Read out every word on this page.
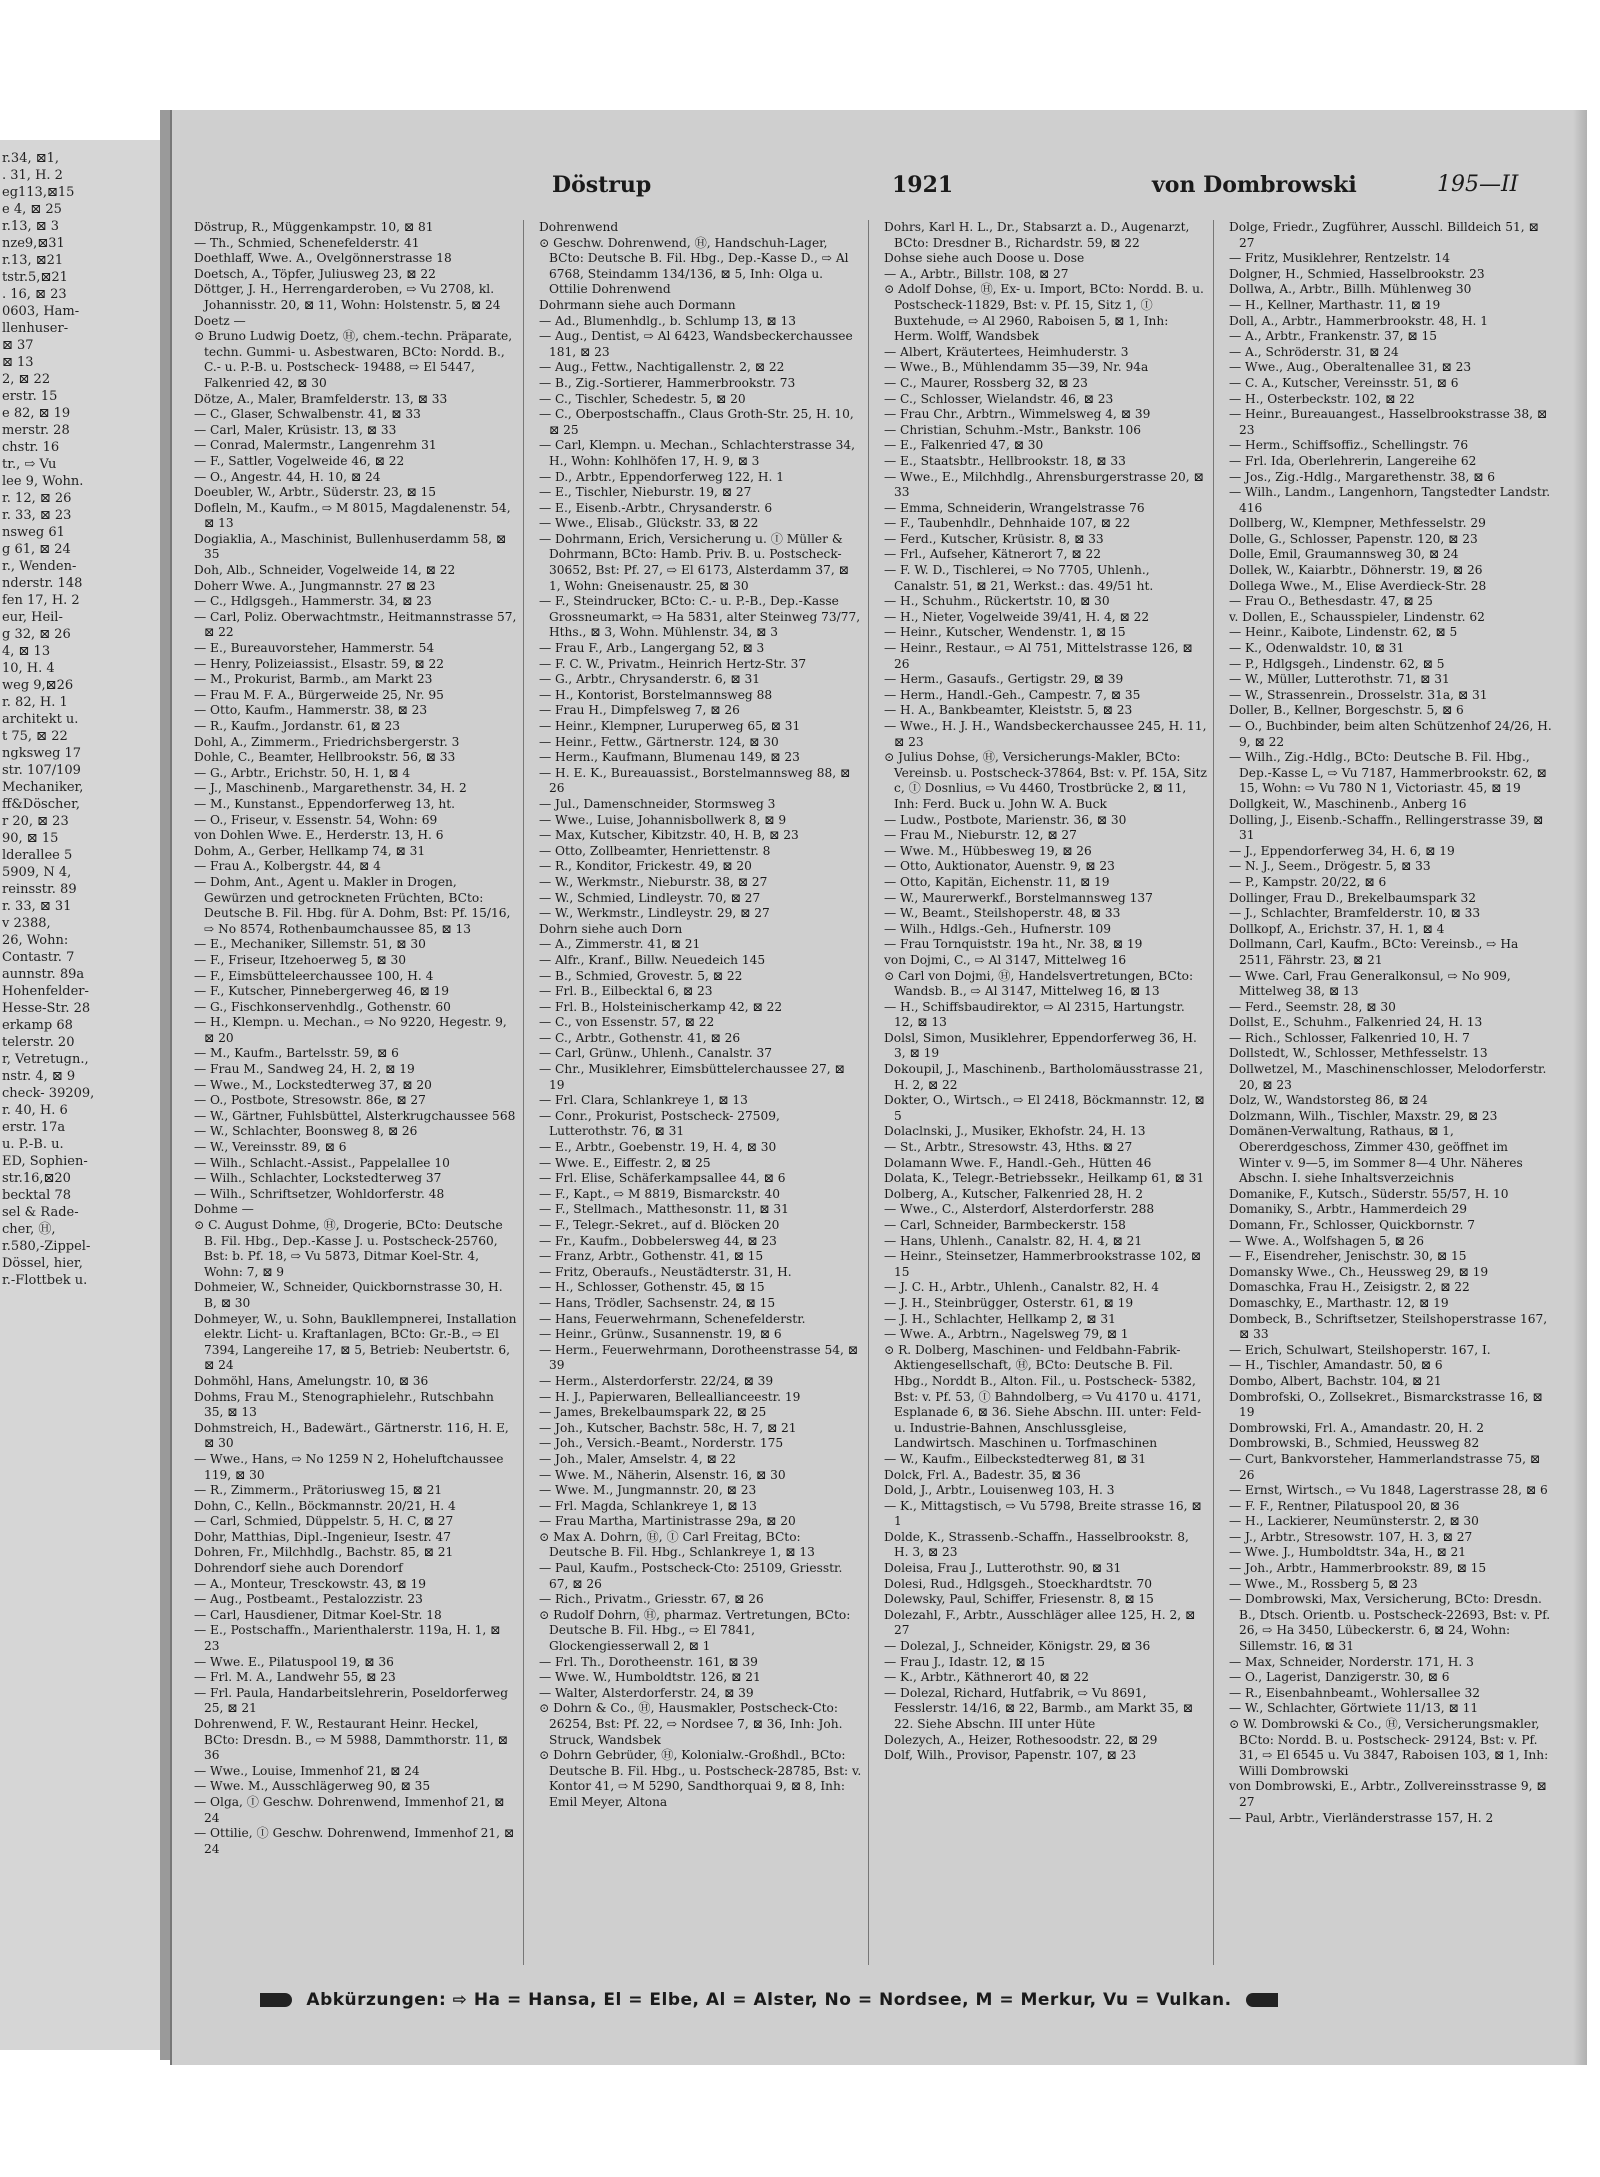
r.34, ⊠1,
. 31, H. 2
eg113,⊠15
e 4, ⊠ 25
r.13, ⊠ 3
nze9,⊠31
r.13, ⊠21
tstr.5,⊠21
. 16, ⊠ 23
0603, Ham-
llenhuser-
⊠ 37
⊠ 13
2, ⊠ 22
erstr. 15
e 82, ⊠ 19
merstr. 28
chstr. 16
tr., ⇨ Vu
lee 9, Wohn.
r. 12, ⊠ 26
r. 33, ⊠ 23
nsweg 61
g 61, ⊠ 24
r., Wenden-
nderstr. 148
fen 17, H. 2
eur, Heil-
g 32, ⊠ 26
4, ⊠ 13
10, H. 4
weg 9,⊠26
r. 82, H. 1
architekt u.
t 75, ⊠ 22
ngksweg 17
str. 107/109
Mechaniker,
ff&Döscher,
r 20, ⊠ 23
90, ⊠ 15
lderallee 5
5909, N 4,
reinsstr. 89
r. 33, ⊠ 31
v 2388,
26, Wohn:
Contastr. 7
aunnstr. 89a
Hohenfelder-
Hesse-Str. 28
erkamp 68
telerstr. 20
r, Vetretugn.,
nstr. 4, ⊠ 9
check- 39209,
r. 40, H. 6
erstr. 17a
u. P.-B. u.
ED, Sophien-
str.16,⊠20
becktal 78
sel & Rade-
cher, Ⓗ,
r.580,-Zippel-
Dössel, hier,
r.-Flottbek u.
Döstrup	1921	von Dombrowski	195—II

Döstrup, R., Müggenkampstr. 10, ⊠ 81

— Th., Schmied, Schenefelderstr. 41

Doethlaff, Wwe. A., Ovelgönnerstrasse 18

Doetsch, A., Töpfer, Juliusweg 23, ⊠ 22

Döttger, J. H., Herrengarderoben, ⇨ Vu 2708, kl. Johannisstr. 20, ⊠ 11, Wohn: Holstenstr. 5, ⊠ 24

Doetz —

⊙ Bruno Ludwig Doetz, Ⓗ, chem.-techn. Präparate, techn. Gummi- u. Asbestwaren, BCto: Nordd. B., C.- u. P.-B. u. Postscheck- 19488, ⇨ El 5447, Falkenried 42, ⊠ 30

Dötze, A., Maler, Bramfelderstr. 13, ⊠ 33

— C., Glaser, Schwalbenstr. 41, ⊠ 33

— Carl, Maler, Krüsistr. 13, ⊠ 33

— Conrad, Malermstr., Langenrehm 31

— F., Sattler, Vogelweide 46, ⊠ 22

— O., Angestr. 44, H. 10, ⊠ 24

Doeubler, W., Arbtr., Süderstr. 23, ⊠ 15

Dofleln, M., Kaufm., ⇨ M 8015, Magdalenenstr. 54, ⊠ 13

Dogiaklia, A., Maschinist, Bullenhuserdamm 58, ⊠ 35

Doh, Alb., Schneider, Vogelweide 14, ⊠ 22

Doherr Wwe. A., Jungmannstr. 27 ⊠ 23

— C., Hdlgsgeh., Hammerstr. 34, ⊠ 23

— Carl, Poliz. Oberwachtmstr., Heitmannstrasse 57, ⊠ 22

— E., Bureauvorsteher, Hammerstr. 54

— Henry, Polizeiassist., Elsastr. 59, ⊠ 22

— M., Prokurist, Barmb., am Markt 23

— Frau M. F. A., Bürgerweide 25, Nr. 95

— Otto, Kaufm., Hammerstr. 38, ⊠ 23

— R., Kaufm., Jordanstr. 61, ⊠ 23

Dohl, A., Zimmerm., Friedrichsbergerstr. 3

Dohle, C., Beamter, Hellbrookstr. 56, ⊠ 33

— G., Arbtr., Erichstr. 50, H. 1, ⊠ 4

— J., Maschinenb., Margarethenstr. 34, H. 2

— M., Kunstanst., Eppendorferweg 13, ht.

— O., Friseur, v. Essenstr. 54, Wohn: 69

von Dohlen Wwe. E., Herderstr. 13, H. 6

Dohm, A., Gerber, Hellkamp 74, ⊠ 31

— Frau A., Kolbergstr. 44, ⊠ 4

— Dohm, Ant., Agent u. Makler in Drogen, Gewürzen und getrockneten Früchten, BCto: Deutsche B. Fil. Hbg. für A. Dohm, Bst: Pf. 15/16, ⇨ No 8574, Rothenbaumchaussee 85, ⊠ 13

— E., Mechaniker, Sillemstr. 51, ⊠ 30

— F., Friseur, Itzehoerweg 5, ⊠ 30

— F., Eimsbütteleerchaussee 100, H. 4

— F., Kutscher, Pinnebergerweg 46, ⊠ 19

— G., Fischkonservenhdlg., Gothenstr. 60

— H., Klempn. u. Mechan., ⇨ No 9220, Hegestr. 9, ⊠ 20

— M., Kaufm., Bartelsstr. 59, ⊠ 6

— Frau M., Sandweg 24, H. 2, ⊠ 19

— Wwe., M., Lockstedterweg 37, ⊠ 20

— O., Postbote, Stresowstr. 86e, ⊠ 27

— W., Gärtner, Fuhlsbüttel, Alsterkrugchaussee 568

— W., Schlachter, Boonsweg 8, ⊠ 26

— W., Vereinsstr. 89, ⊠ 6

— Wilh., Schlacht.-Assist., Pappelallee 10

— Wilh., Schlachter, Lockstedterweg 37

— Wilh., Schriftsetzer, Wohldorferstr. 48

Dohme —

⊙ C. August Dohme, Ⓗ, Drogerie, BCto: Deutsche B. Fil. Hbg., Dep.-Kasse J. u. Postscheck-25760, Bst: b. Pf. 18, ⇨ Vu 5873, Ditmar Koel-Str. 4, Wohn: 7, ⊠ 9

Dohmeier, W., Schneider, Quickbornstrasse 30, H. B, ⊠ 30

Dohmeyer, W., u. Sohn, Baukllempnerei, Installation elektr. Licht- u. Kraftanlagen, BCto: Gr.-B., ⇨ El 7394, Langereihe 17, ⊠ 5, Betrieb: Neubertstr. 6, ⊠ 24

Dohmöhl, Hans, Amelungstr. 10, ⊠ 36

Dohms, Frau M., Stenographielehr., Rutschbahn 35, ⊠ 13

Dohmstreich, H., Badewärt., Gärtnerstr. 116, H. E, ⊠ 30

— Wwe., Hans, ⇨ No 1259 N 2, Hoheluftchaussee 119, ⊠ 30

— R., Zimmerm., Prätoriusweg 15, ⊠ 21

Dohn, C., Kelln., Böckmannstr. 20/21, H. 4

— Carl, Schmied, Düppelstr. 5, H. C, ⊠ 27

Dohr, Matthias, Dipl.-Ingenieur, Isestr. 47

Dohren, Fr., Milchhdlg., Bachstr. 85, ⊠ 21

Dohrendorf siehe auch Dorendorf

— A., Monteur, Tresckowstr. 43, ⊠ 19

— Aug., Postbeamt., Pestalozzistr. 23

— Carl, Hausdiener, Ditmar Koel-Str. 18

— E., Postschaffn., Marienthalerstr. 119a, H. 1, ⊠ 23

— Wwe. E., Pilatuspool 19, ⊠ 36

— Frl. M. A., Landwehr 55, ⊠ 23

— Frl. Paula, Handarbeitslehrerin, Poseldorferweg 25, ⊠ 21

Dohrenwend, F. W., Restaurant Heinr. Heckel, BCto: Dresdn. B., ⇨ M 5988, Dammthorstr. 11, ⊠ 36

— Wwe., Louise, Immenhof 21, ⊠ 24

— Wwe. M., Ausschlägerweg 90, ⊠ 35

— Olga, Ⓘ Geschw. Dohrenwend, Immenhof 21, ⊠ 24

— Ottilie, Ⓘ Geschw. Dohrenwend, Immenhof 21, ⊠ 24

Dohrenwend

⊙ Geschw. Dohrenwend, Ⓗ, Handschuh-Lager, BCto: Deutsche B. Fil. Hbg., Dep.-Kasse D., ⇨ Al 6768, Steindamm 134/136, ⊠ 5, Inh: Olga u. Ottilie Dohrenwend

Dohrmann siehe auch Dormann

— Ad., Blumenhdlg., b. Schlump 13, ⊠ 13

— Aug., Dentist, ⇨ Al 6423, Wandsbeckerchaussee 181, ⊠ 23

— Aug., Fettw., Nachtigallenstr. 2, ⊠ 22

— B., Zig.-Sortierer, Hammerbrookstr. 73

— C., Tischler, Schedestr. 5, ⊠ 20

— C., Oberpostschaffn., Claus Groth-Str. 25, H. 10, ⊠ 25

— Carl, Klempn. u. Mechan., Schlachterstrasse 34, H., Wohn: Kohlhöfen 17, H. 9, ⊠ 3

— D., Arbtr., Eppendorferweg 122, H. 1

— E., Tischler, Nieburstr. 19, ⊠ 27

— E., Eisenb.-Arbtr., Chrysanderstr. 6

— Wwe., Elisab., Glückstr. 33, ⊠ 22

— Dohrmann, Erich, Versicherung u. Ⓘ Müller & Dohrmann, BCto: Hamb. Priv. B. u. Postscheck- 30652, Bst: Pf. 27, ⇨ El 6173, Alsterdamm 37, ⊠ 1, Wohn: Gneisenaustr. 25, ⊠ 30

— F., Steindrucker, BCto: C.- u. P.-B., Dep.-Kasse Grossneumarkt, ⇨ Ha 5831, alter Steinweg 73/77, Hths., ⊠ 3, Wohn. Mühlenstr. 34, ⊠ 3

— Frau F., Arb., Langergang 52, ⊠ 3

— F. C. W., Privatm., Heinrich Hertz-Str. 37

— G., Arbtr., Chrysanderstr. 6, ⊠ 31

— H., Kontorist, Borstelmannsweg 88

— Frau H., Dimpfelsweg 7, ⊠ 26

— Heinr., Klempner, Luruperweg 65, ⊠ 31

— Heinr., Fettw., Gärtnerstr. 124, ⊠ 30

— Herm., Kaufmann, Blumenau 149, ⊠ 23

— H. E. K., Bureauassist., Borstelmannsweg 88, ⊠ 26

— Jul., Damenschneider, Stormsweg 3

— Wwe., Luise, Johannisbollwerk 8, ⊠ 9

— Max, Kutscher, Kibitzstr. 40, H. B, ⊠ 23

— Otto, Zollbeamter, Henriettenstr. 8

— R., Konditor, Frickestr. 49, ⊠ 20

— W., Werkmstr., Nieburstr. 38, ⊠ 27

— W., Schmied, Lindleystr. 70, ⊠ 27

— W., Werkmstr., Lindleystr. 29, ⊠ 27

Dohrn siehe auch Dorn

— A., Zimmerstr. 41, ⊠ 21

— Alfr., Kranf., Billw. Neuedeich 145

— B., Schmied, Grovestr. 5, ⊠ 22

— Frl. B., Eilbecktal 6, ⊠ 23

— Frl. B., Holsteinischerkamp 42, ⊠ 22

— C., von Essenstr. 57, ⊠ 22

— C., Arbtr., Gothenstr. 41, ⊠ 26

— Carl, Grünw., Uhlenh., Canalstr. 37

— Chr., Musiklehrer, Eimsbüttelerchaussee 27, ⊠ 19

— Frl. Clara, Schlankreye 1, ⊠ 13

— Conr., Prokurist, Postscheck- 27509, Lutterothstr. 76, ⊠ 31

— E., Arbtr., Goebenstr. 19, H. 4, ⊠ 30

— Wwe. E., Eiffestr. 2, ⊠ 25

— Frl. Elise, Schäferkampsallee 44, ⊠ 6

— F., Kapt., ⇨ M 8819, Bismarckstr. 40

— F., Stellmach., Matthesonstr. 11, ⊠ 31

— F., Telegr.-Sekret., auf d. Blöcken 20

— Fr., Kaufm., Dobbelersweg 44, ⊠ 23

— Franz, Arbtr., Gothenstr. 41, ⊠ 15

— Fritz, Oberaufs., Neustädterstr. 31, H.

— H., Schlosser, Gothenstr. 45, ⊠ 15

— Hans, Trödler, Sachsenstr. 24, ⊠ 15

— Hans, Feuerwehrmann, Schenefelderstr.

— Heinr., Grünw., Susannenstr. 19, ⊠ 6

— Herm., Feuerwehrmann, Dorotheenstrasse 54, ⊠ 39

— Herm., Alsterdorferstr. 22/24, ⊠ 39

— H. J., Papierwaren, Belleallianceestr. 19

— James, Brekelbaumspark 22, ⊠ 25

— Joh., Kutscher, Bachstr. 58c, H. 7, ⊠ 21

— Joh., Versich.-Beamt., Norderstr. 175

— Joh., Maler, Amselstr. 4, ⊠ 22

— Wwe. M., Näherin, Alsenstr. 16, ⊠ 30

— Wwe. M., Jungmannstr. 20, ⊠ 23

— Frl. Magda, Schlankreye 1, ⊠ 13

— Frau Martha, Martinistrasse 29a, ⊠ 20

⊙ Max A. Dohrn, Ⓗ, Ⓘ Carl Freitag, BCto: Deutsche B. Fil. Hbg., Schlankreye 1, ⊠ 13

— Paul, Kaufm., Postscheck-Cto: 25109, Griesstr. 67, ⊠ 26

— Rich., Privatm., Griesstr. 67, ⊠ 26

⊙ Rudolf Dohrn, Ⓗ, pharmaz. Vertretungen, BCto: Deutsche B. Fil. Hbg., ⇨ El 7841, Glockengiesserwall 2, ⊠ 1

— Frl. Th., Dorotheenstr. 161, ⊠ 39

— Wwe. W., Humboldtstr. 126, ⊠ 21

— Walter, Alsterdorferstr. 24, ⊠ 39

⊙ Dohrn & Co., Ⓗ, Hausmakler, Postscheck-Cto: 26254, Bst: Pf. 22, ⇨ Nordsee 7, ⊠ 36, Inh: Joh. Struck, Wandsbek

⊙ Dohrn Gebrüder, Ⓗ, Kolonialw.-Großhdl., BCto: Deutsche B. Fil. Hbg., u. Postscheck-28785, Bst: v. Kontor 41, ⇨ M 5290, Sandthorquai 9, ⊠ 8, Inh: Emil Meyer, Altona

Dohrs, Karl H. L., Dr., Stabsarzt a. D., Augenarzt, BCto: Dresdner B., Richardstr. 59, ⊠ 22

Dohse siehe auch Doose u. Dose

— A., Arbtr., Billstr. 108, ⊠ 27

⊙ Adolf Dohse, Ⓗ, Ex- u. Import, BCto: Nordd. B. u. Postscheck-11829, Bst: v. Pf. 15, Sitz 1, Ⓘ Buxtehude, ⇨ Al 2960, Raboisen 5, ⊠ 1, Inh: Herm. Wolff, Wandsbek

— Albert, Kräutertees, Heimhuderstr. 3

— Wwe., B., Mühlendamm 35—39, Nr. 94a

— C., Maurer, Rossberg 32, ⊠ 23

— C., Schlosser, Wielandstr. 46, ⊠ 23

— Frau Chr., Arbtrn., Wimmelsweg 4, ⊠ 39

— Christian, Schuhm.-Mstr., Bankstr. 106

— E., Falkenried 47, ⊠ 30

— E., Staatsbtr., Hellbrookstr. 18, ⊠ 33

— Wwe., E., Milchhdlg., Ahrensburgerstrasse 20, ⊠ 33

— Emma, Schneiderin, Wrangelstrasse 76

— F., Taubenhdlr., Dehnhaide 107, ⊠ 22

— Ferd., Kutscher, Krüsistr. 8, ⊠ 33

— Frl., Aufseher, Kätnerort 7, ⊠ 22

— F. W. D., Tischlerei, ⇨ No 7705, Uhlenh., Canalstr. 51, ⊠ 21, Werkst.: das. 49/51 ht.

— H., Schuhm., Rückertstr. 10, ⊠ 30

— H., Nieter, Vogelweide 39/41, H. 4, ⊠ 22

— Heinr., Kutscher, Wendenstr. 1, ⊠ 15

— Heinr., Restaur., ⇨ Al 751, Mittelstrasse 126, ⊠ 26

— Herm., Gasaufs., Gertigstr. 29, ⊠ 39

— Herm., Handl.-Geh., Campestr. 7, ⊠ 35

— H. A., Bankbeamter, Kleiststr. 5, ⊠ 23

— Wwe., H. J. H., Wandsbeckerchaussee 245, H. 11, ⊠ 23

⊙ Julius Dohse, Ⓗ, Versicherungs-Makler, BCto: Vereinsb. u. Postscheck-37864, Bst: v. Pf. 15A, Sitz c, Ⓘ Dosnlius, ⇨ Vu 4460, Trostbrücke 2, ⊠ 11, Inh: Ferd. Buck u. John W. A. Buck

— Ludw., Postbote, Marienstr. 36, ⊠ 30

— Frau M., Nieburstr. 12, ⊠ 27

— Wwe. M., Hübbesweg 19, ⊠ 26

— Otto, Auktionator, Auenstr. 9, ⊠ 23

— Otto, Kapitän, Eichenstr. 11, ⊠ 19

— W., Maurerwerkf., Borstelmannsweg 137

— W., Beamt., Steilshoperstr. 48, ⊠ 33

— Wilh., Hdlgs.-Geh., Hufnerstr. 109

— Frau Tornquiststr. 19a ht., Nr. 38, ⊠ 19

von Dojmi, C., ⇨ Al 3147, Mittelweg 16

⊙ Carl von Dojmi, Ⓗ, Handelsvertretungen, BCto: Wandsb. B., ⇨ Al 3147, Mittelweg 16, ⊠ 13

— H., Schiffsbaudirektor, ⇨ Al 2315, Hartungstr. 12, ⊠ 13

Dolsl, Simon, Musiklehrer, Eppendorferweg 36, H. 3, ⊠ 19

Dokoupil, J., Maschinenb., Bartholomäusstrasse 21, H. 2, ⊠ 22

Dokter, O., Wirtsch., ⇨ El 2418, Böckmannstr. 12, ⊠ 5

Dolaclnski, J., Musiker, Ekhofstr. 24, H. 13

— St., Arbtr., Stresowstr. 43, Hths. ⊠ 27

Dolamann Wwe. F., Handl.-Geh., Hütten 46

Dolata, K., Telegr.-Betriebssekr., Heilkamp 61, ⊠ 31

Dolberg, A., Kutscher, Falkenried 28, H. 2

— Wwe., C., Alsterdorf, Alsterdorferstr. 288

— Carl, Schneider, Barmbeckerstr. 158

— Hans, Uhlenh., Canalstr. 82, H. 4, ⊠ 21

— Heinr., Steinsetzer, Hammerbrookstrasse 102, ⊠ 15

— J. C. H., Arbtr., Uhlenh., Canalstr. 82, H. 4

— J. H., Steinbrügger, Osterstr. 61, ⊠ 19

— J. H., Schlachter, Hellkamp 2, ⊠ 31

— Wwe. A., Arbtrn., Nagelsweg 79, ⊠ 1

⊙ R. Dolberg, Maschinen- und Feldbahn-Fabrik-Aktiengesellschaft, Ⓗ, BCto: Deutsche B. Fil. Hbg., Norddt B., Alton. Fil., u. Postscheck- 5382, Bst: v. Pf. 53, Ⓘ Bahndolberg, ⇨ Vu 4170 u. 4171, Esplanade 6, ⊠ 36. Siehe Abschn. III. unter: Feld- u. Industrie-Bahnen, Anschlussgleise, Landwirtsch. Maschinen u. Torfmaschinen

— W., Kaufm., Eilbeckstedterweg 81, ⊠ 31

Dolck, Frl. A., Badestr. 35, ⊠ 36

Dold, J., Arbtr., Louisenweg 103, H. 3

— K., Mittagstisch, ⇨ Vu 5798, Breite strasse 16, ⊠ 1

Dolde, K., Strassenb.-Schaffn., Hasselbrookstr. 8, H. 3, ⊠ 23

Doleisa, Frau J., Lutterothstr. 90, ⊠ 31

Dolesi, Rud., Hdlgsgeh., Stoeckhardtstr. 70

Dolewsky, Paul, Schiffer, Friesenstr. 8, ⊠ 15

Dolezahl, F., Arbtr., Ausschläger allee 125, H. 2, ⊠ 27

— Dolezal, J., Schneider, Königstr. 29, ⊠ 36

— Frau J., Idastr. 12, ⊠ 15

— K., Arbtr., Käthnerort 40, ⊠ 22

— Dolezal, Richard, Hutfabrik, ⇨ Vu 8691, Fesslerstr. 14/16, ⊠ 22, Barmb., am Markt 35, ⊠ 22. Siehe Abschn. III unter Hüte

Dolezych, A., Heizer, Rothesoodstr. 22, ⊠ 29

Dolf, Wilh., Provisor, Papenstr. 107, ⊠ 23

Dolge, Friedr., Zugführer, Ausschl. Billdeich 51, ⊠ 27

— Fritz, Musiklehrer, Rentzelstr. 14

Dolgner, H., Schmied, Hasselbrookstr. 23

Dollwa, A., Arbtr., Billh. Mühlenweg 30

— H., Kellner, Marthastr. 11, ⊠ 19

Doll, A., Arbtr., Hammerbrookstr. 48, H. 1

— A., Arbtr., Frankenstr. 37, ⊠ 15

— A., Schröderstr. 31, ⊠ 24

— Wwe., Aug., Oberaltenallee 31, ⊠ 23

— C. A., Kutscher, Vereinsstr. 51, ⊠ 6

— H., Osterbeckstr. 102, ⊠ 22

— Heinr., Bureauangest., Hasselbrookstrasse 38, ⊠ 23

— Herm., Schiffsoffiz., Schellingstr. 76

— Frl. Ida, Oberlehrerin, Langereihe 62

— Jos., Zig.-Hdlg., Margarethenstr. 38, ⊠ 6

— Wilh., Landm., Langenhorn, Tangstedter Landstr. 416

Dollberg, W., Klempner, Methfesselstr. 29

Dolle, G., Schlosser, Papenstr. 120, ⊠ 23

Dolle, Emil, Graumannsweg 30, ⊠ 24

Dollek, W., Kaiarbtr., Döhnerstr. 19, ⊠ 26

Dollega Wwe., M., Elise Averdieck-Str. 28

— Frau O., Bethesdastr. 47, ⊠ 25

v. Dollen, E., Schausspieler, Lindenstr. 62

— Heinr., Kaibote, Lindenstr. 62, ⊠ 5

— K., Odenwaldstr. 10, ⊠ 31

— P., Hdlgsgeh., Lindenstr. 62, ⊠ 5

— W., Müller, Lutterothstr. 71, ⊠ 31

— W., Strassenrein., Drosselstr. 31a, ⊠ 31

Doller, B., Kellner, Borgeschstr. 5, ⊠ 6

— O., Buchbinder, beim alten Schützenhof 24/26, H. 9, ⊠ 22

— Wilh., Zig.-Hdlg., BCto: Deutsche B. Fil. Hbg., Dep.-Kasse L, ⇨ Vu 7187, Hammerbrookstr. 62, ⊠ 15, Wohn: ⇨ Vu 780 N 1, Victoriastr. 45, ⊠ 19

Dollgkeit, W., Maschinenb., Anberg 16

Dolling, J., Eisenb.-Schaffn., Rellingerstrasse 39, ⊠ 31

— J., Eppendorferweg 34, H. 6, ⊠ 19

— N. J., Seem., Drögestr. 5, ⊠ 33

— P., Kampstr. 20/22, ⊠ 6

Dollinger, Frau D., Brekelbaumspark 32

— J., Schlachter, Bramfelderstr. 10, ⊠ 33

Dollkopf, A., Erichstr. 37, H. 1, ⊠ 4

Dollmann, Carl, Kaufm., BCto: Vereinsb., ⇨ Ha 2511, Fährstr. 23, ⊠ 21

— Wwe. Carl, Frau Generalkonsul, ⇨ No 909, Mittelweg 38, ⊠ 13

— Ferd., Seemstr. 28, ⊠ 30

Dollst, E., Schuhm., Falkenried 24, H. 13

— Rich., Schlosser, Falkenried 10, H. 7

Dollstedt, W., Schlosser, Methfesselstr. 13

Dollwetzel, M., Maschinenschlosser, Melodorferstr. 20, ⊠ 23

Dolz, W., Wandstorsteg 86, ⊠ 24

Dolzmann, Wilh., Tischler, Maxstr. 29, ⊠ 23

Domänen-Verwaltung, Rathaus, ⊠ 1, Obererdgeschoss, Zimmer 430, geöffnet im Winter v. 9—5, im Sommer 8—4 Uhr. Näheres Abschn. I. siehe Inhaltsverzeichnis

Domanike, F., Kutsch., Süderstr. 55/57, H. 10

Domaniky, S., Arbtr., Hammerdeich 29

Domann, Fr., Schlosser, Quickbornstr. 7

— Wwe. A., Wolfshagen 5, ⊠ 26

— F., Eisendreher, Jenischstr. 30, ⊠ 15

Domansky Wwe., Ch., Heussweg 29, ⊠ 19

Domaschka, Frau H., Zeisigstr. 2, ⊠ 22

Domaschky, E., Marthastr. 12, ⊠ 19

Dombeck, B., Schriftsetzer, Steilshoperstrasse 167, ⊠ 33

— Erich, Schulwart, Steilshoperstr. 167, I.

— H., Tischler, Amandastr. 50, ⊠ 6

Dombo, Albert, Bachstr. 104, ⊠ 21

Dombrofski, O., Zollsekret., Bismarckstrasse 16, ⊠ 19

Dombrowski, Frl. A., Amandastr. 20, H. 2

Dombrowski, B., Schmied, Heussweg 82

— Curt, Bankvorsteher, Hammerlandstrasse 75, ⊠ 26

— Ernst, Wirtsch., ⇨ Vu 1848, Lagerstrasse 28, ⊠ 6

— F. F., Rentner, Pilatuspool 20, ⊠ 36

— H., Lackierer, Neumünsterstr. 2, ⊠ 30

— J., Arbtr., Stresowstr. 107, H. 3, ⊠ 27

— Wwe. J., Humboldtstr. 34a, H., ⊠ 21

— Joh., Arbtr., Hammerbrookstr. 89, ⊠ 15

— Wwe., M., Rossberg 5, ⊠ 23

— Dombrowski, Max, Versicherung, BCto: Dresdn. B., Dtsch. Orientb. u. Postscheck-22693, Bst: v. Pf. 26, ⇨ Ha 3450, Lübeckerstr. 6, ⊠ 24, Wohn: Sillemstr. 16, ⊠ 31

— Max, Schneider, Norderstr. 171, H. 3

— O., Lagerist, Danzigerstr. 30, ⊠ 6

— R., Eisenbahnbeamt., Wohlersallee 32

— W., Schlachter, Görtwiete 11/13, ⊠ 11

⊙ W. Dombrowski & Co., Ⓗ, Versicherungsmakler, BCto: Nordd. B. u. Postscheck- 29124, Bst: v. Pf. 31, ⇨ El 6545 u. Vu 3847, Raboisen 103, ⊠ 1, Inh: Willi Dombrowski

von Dombrowski, E., Arbtr., Zollvereinsstrasse 9, ⊠ 27

— Paul, Arbtr., Vierländerstrasse 157, H. 2

Abkürzungen: ⇨ Ha = Hansa, El = Elbe, Al = Alster, No = Nordsee, M = Merkur, Vu = Vulkan.
